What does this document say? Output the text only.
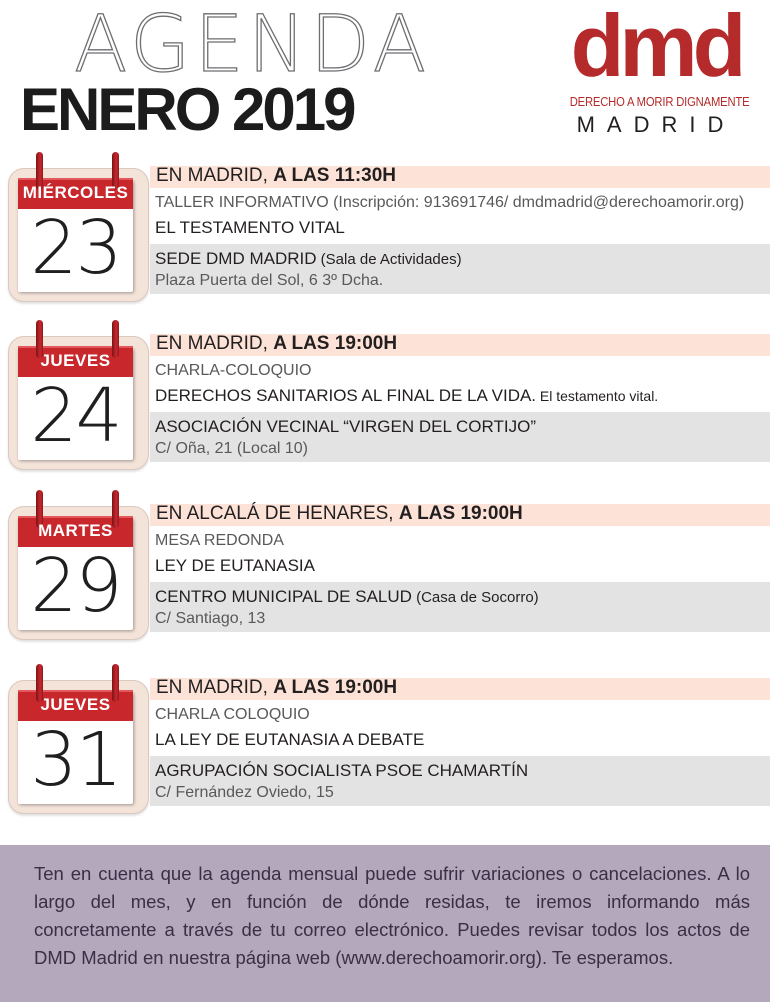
AGENDA
ENERO 2019
dmd
DERECHO A MORIR DIGNAMENTE
MADRID
MIÉRCOLES
23
EN MADRID, A LAS 11:30H
TALLER INFORMATIVO (Inscripción: 913691746/ dmdmadrid@derechoamorir.org)
EL TESTAMENTO VITAL
SEDE DMD MADRID (Sala de Actividades)
Plaza Puerta del Sol, 6 3º Dcha.
JUEVES
24
EN MADRID, A LAS 19:00H
CHARLA-COLOQUIO
DERECHOS SANITARIOS AL FINAL DE LA VIDA. El testamento vital.
ASOCIACIÓN VECINAL “VIRGEN DEL CORTIJO”
C/ Oña, 21 (Local 10)
MARTES
29
EN ALCALÁ DE HENARES, A LAS 19:00H
MESA REDONDA
LEY DE EUTANASIA
CENTRO MUNICIPAL DE SALUD (Casa de Socorro)
C/ Santiago, 13
JUEVES
31
EN MADRID, A LAS 19:00H
CHARLA COLOQUIO
LA LEY DE EUTANASIA A DEBATE
AGRUPACIÓN SOCIALISTA PSOE CHAMARTÍN
C/ Fernández Oviedo, 15

Ten en cuenta que la agenda mensual puede sufrir variaciones o cancelaciones. A lo largo del mes, y en función de dónde residas, te iremos informando más concretamente a través de tu correo electrónico. Puedes revisar todos los actos de DMD Madrid en nuestra página web (www.derechoamorir.org). Te esperamos.
